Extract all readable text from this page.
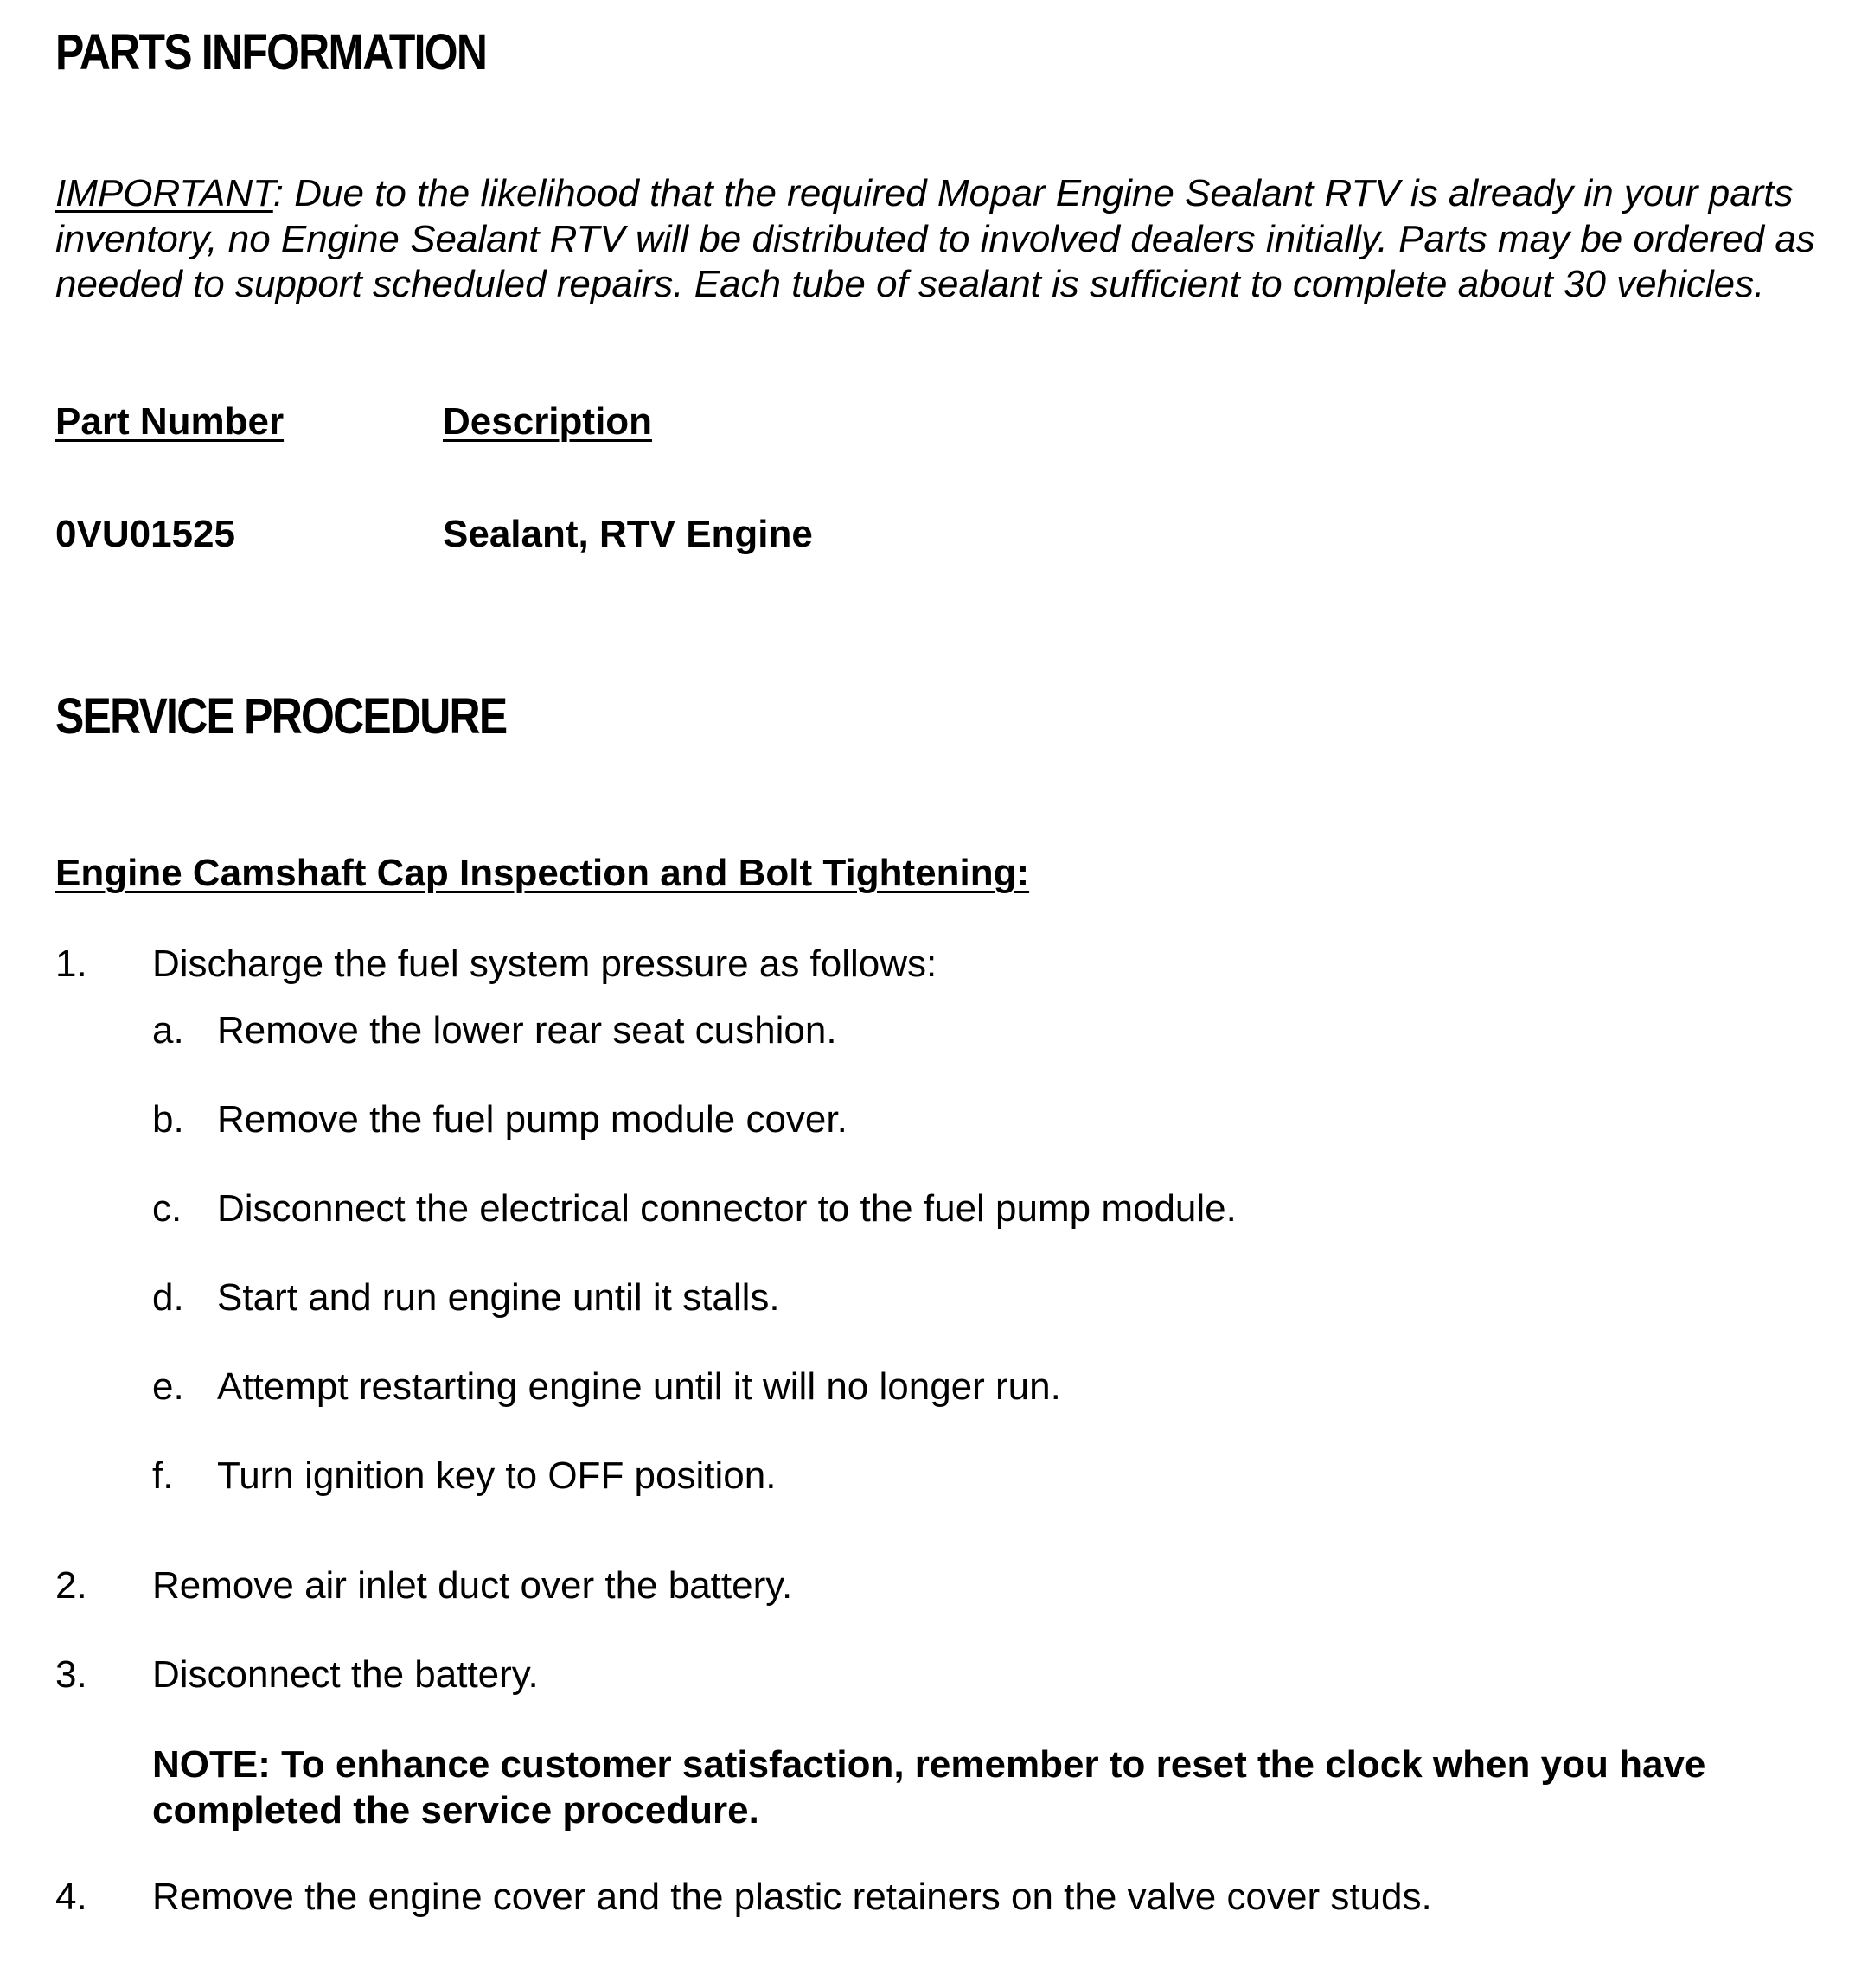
PARTS INFORMATION
IMPORTANT: Due to the likelihood that the required Mopar Engine Sealant RTV is already in your parts inventory, no Engine Sealant RTV will be distributed to involved dealers initially. Parts may be ordered as needed to support scheduled repairs. Each tube of sealant is sufficient to complete about 30 vehicles.
Part Number	Description
0VU01525	Sealant, RTV Engine
SERVICE PROCEDURE
Engine Camshaft Cap Inspection and Bolt Tightening:
1. Discharge the fuel system pressure as follows:
a. Remove the lower rear seat cushion.
b. Remove the fuel pump module cover.
c. Disconnect the electrical connector to the fuel pump module.
d. Start and run engine until it stalls.
e. Attempt restarting engine until it will no longer run.
f. Turn ignition key to OFF position.
2. Remove air inlet duct over the battery.
3. Disconnect the battery.
NOTE: To enhance customer satisfaction, remember to reset the clock when you have completed the service procedure.
4. Remove the engine cover and the plastic retainers on the valve cover studs.
